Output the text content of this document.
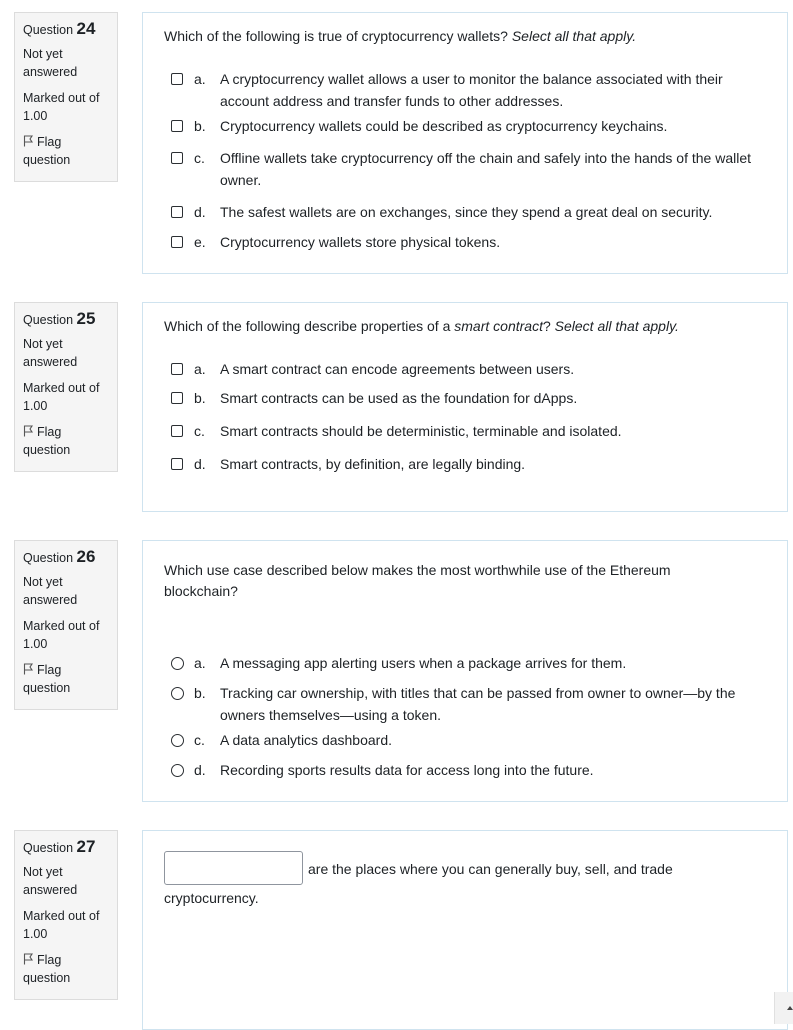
Question 24
Not yet answered
Marked out of 1.00
Flag question
Which of the following is true of cryptocurrency wallets? Select all that apply.
a. A cryptocurrency wallet allows a user to monitor the balance associated with their account address and transfer funds to other addresses.
b. Cryptocurrency wallets could be described as cryptocurrency keychains.
c. Offline wallets take cryptocurrency off the chain and safely into the hands of the wallet owner.
d. The safest wallets are on exchanges, since they spend a great deal on security.
e. Cryptocurrency wallets store physical tokens.
Question 25
Not yet answered
Marked out of 1.00
Flag question
Which of the following describe properties of a smart contract? Select all that apply.
a. A smart contract can encode agreements between users.
b. Smart contracts can be used as the foundation for dApps.
c. Smart contracts should be deterministic, terminable and isolated.
d. Smart contracts, by definition, are legally binding.
Question 26
Not yet answered
Marked out of 1.00
Flag question
Which use case described below makes the most worthwhile use of the Ethereum blockchain?
a. A messaging app alerting users when a package arrives for them.
b. Tracking car ownership, with titles that can be passed from owner to owner—by the owners themselves—using a token.
c. A data analytics dashboard.
d. Recording sports results data for access long into the future.
Question 27
Not yet answered
Marked out of 1.00
Flag question
are the places where you can generally buy, sell, and trade
cryptocurrency.
